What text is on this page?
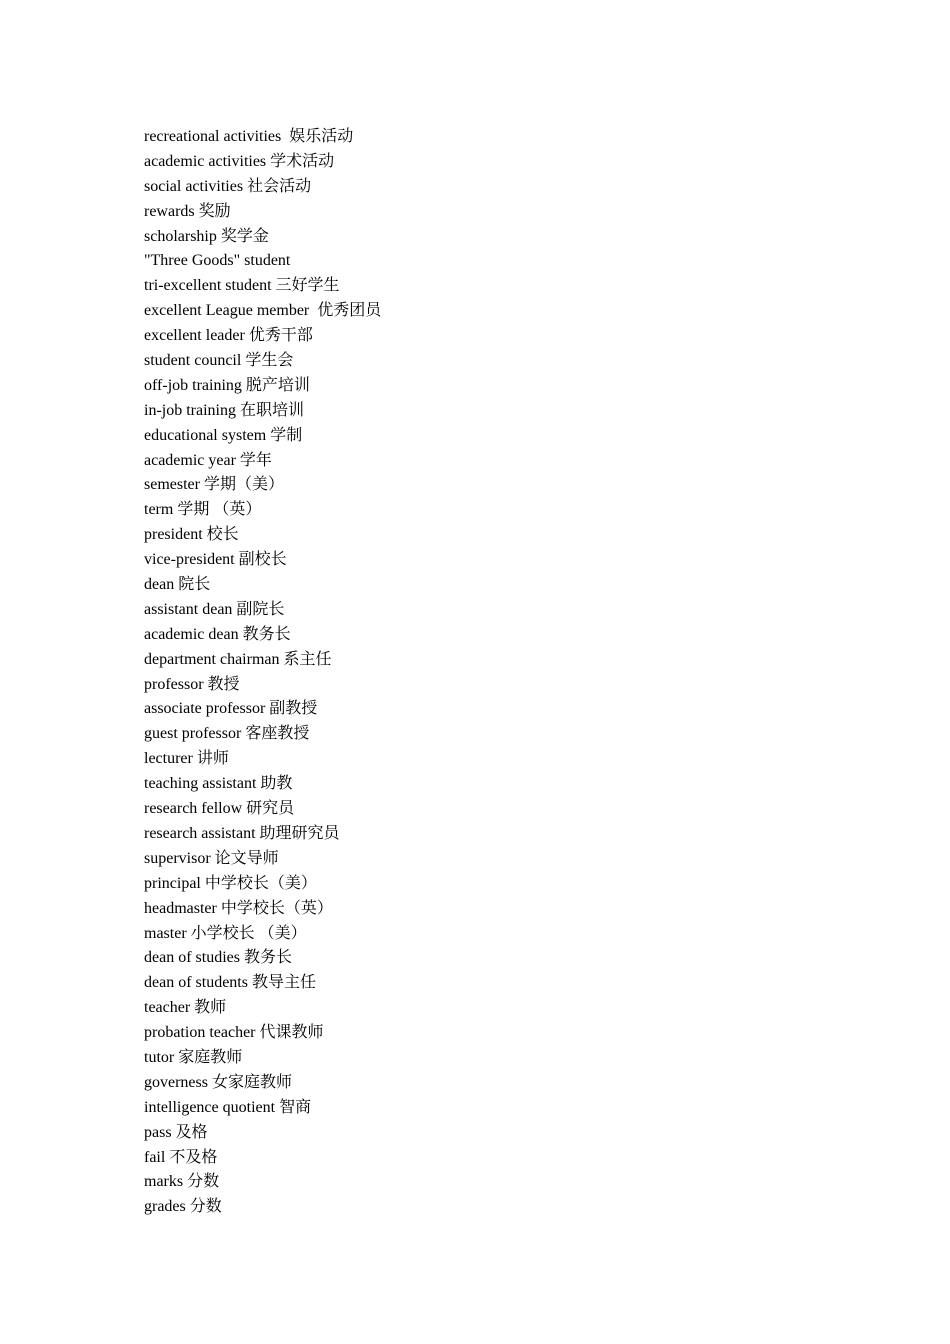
recreational activities  娱乐活动
academic activities 学术活动
social activities 社会活动
rewards 奖励
scholarship 奖学金
"Three Goods" student
tri-excellent student 三好学生
excellent League member  优秀团员
excellent leader 优秀干部
student council 学生会
off-job training 脱产培训
in-job training 在职培训
educational system 学制
academic year 学年
semester 学期（美）
term 学期 （英）
president 校长
vice-president 副校长
dean 院长
assistant dean 副院长
academic dean 教务长
department chairman 系主任
professor 教授
associate professor 副教授
guest professor 客座教授
lecturer 讲师
teaching assistant 助教
research fellow 研究员
research assistant 助理研究员
supervisor 论文导师
principal 中学校长（美）
headmaster 中学校长（英）
master 小学校长 （美）
dean of studies 教务长
dean of students 教导主任
teacher 教师
probation teacher 代课教师
tutor 家庭教师
governess 女家庭教师
intelligence quotient 智商
pass 及格
fail 不及格
marks 分数
grades 分数
